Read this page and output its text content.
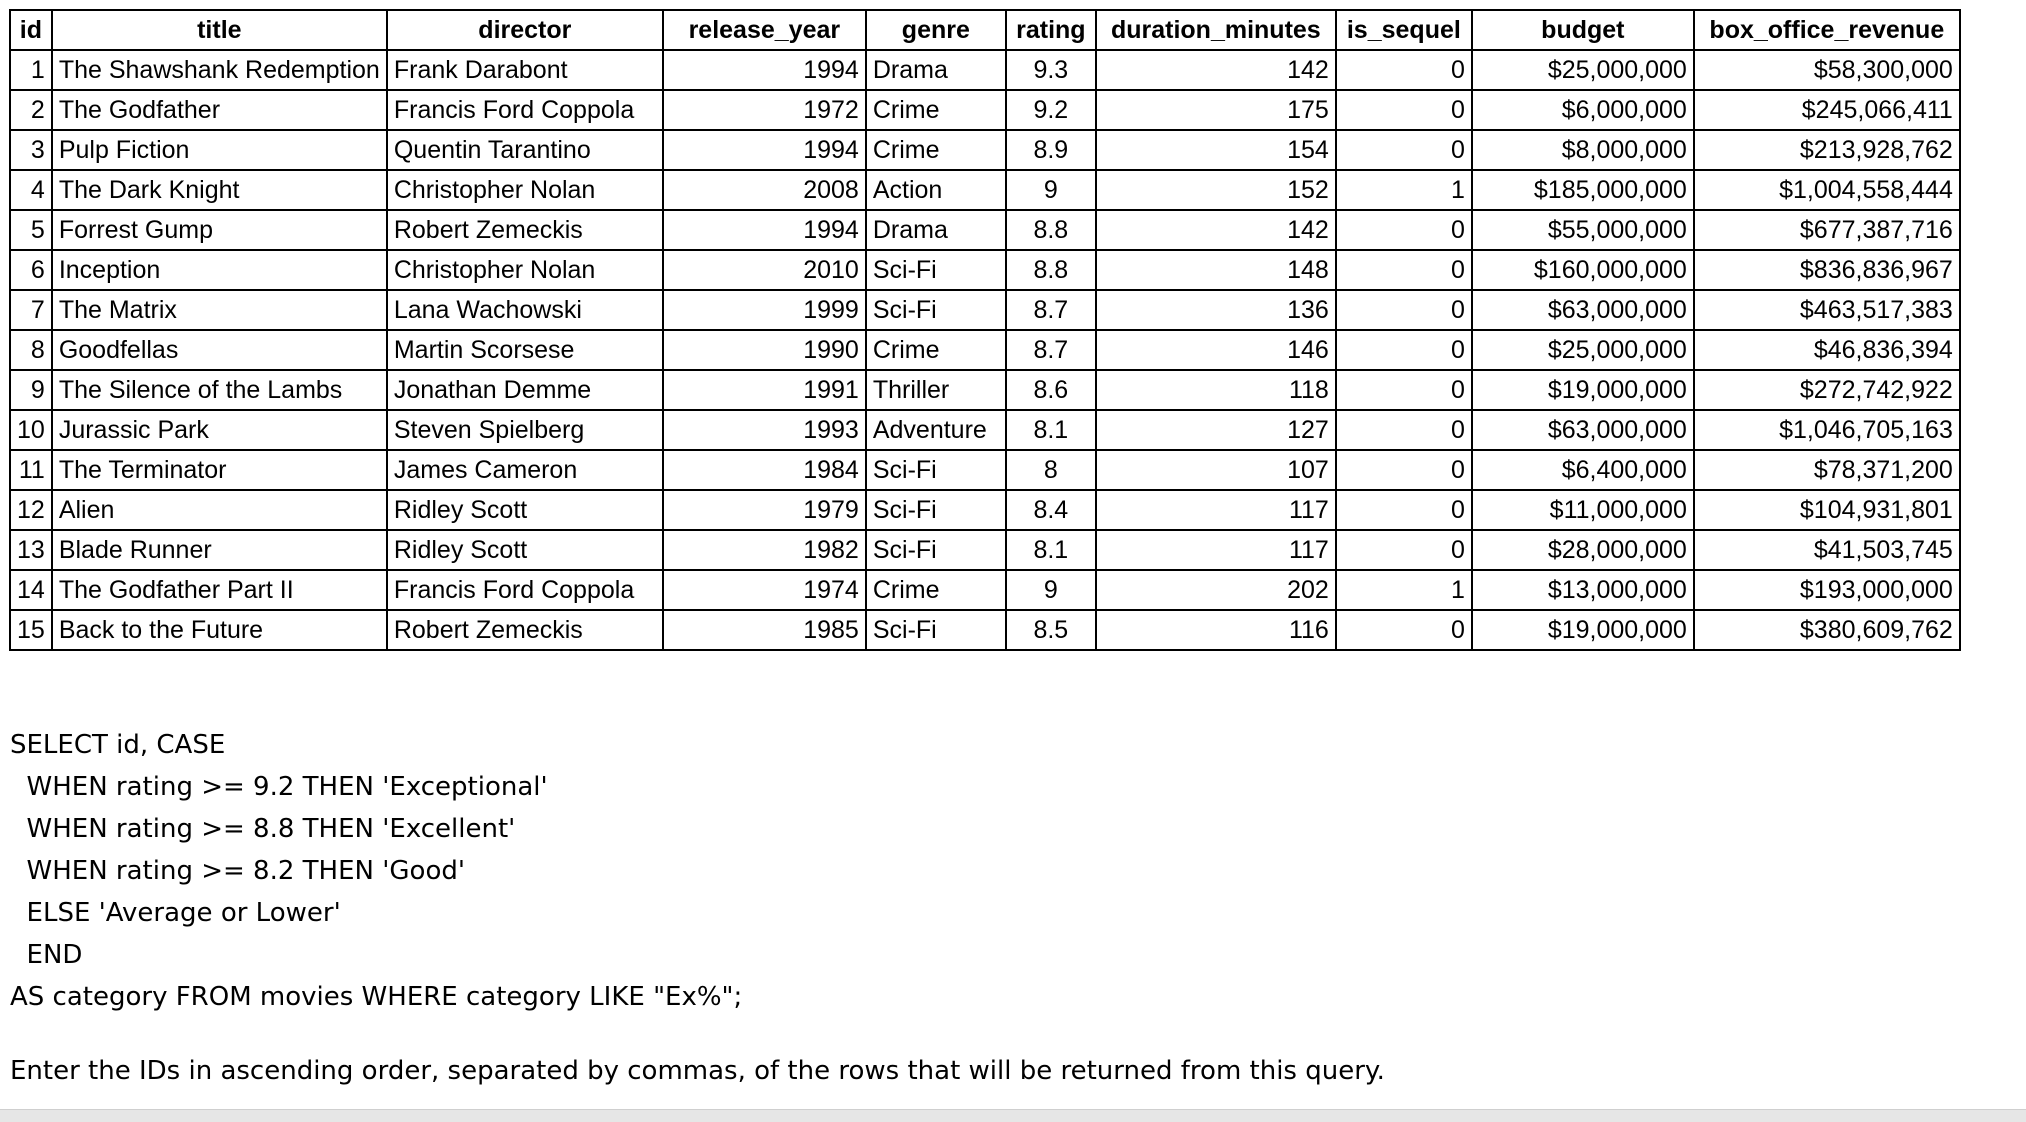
id	title	director	release_year	genre	rating	duration_minutes	is_sequel	budget	box_office_revenue
1	The Shawshank Redemption	Frank Darabont	1994	Drama	9.3	142	0	$25,000,000	$58,300,000
2	The Godfather	Francis Ford Coppola	1972	Crime	9.2	175	0	$6,000,000	$245,066,411
3	Pulp Fiction	Quentin Tarantino	1994	Crime	8.9	154	0	$8,000,000	$213,928,762
4	The Dark Knight	Christopher Nolan	2008	Action	9	152	1	$185,000,000	$1,004,558,444
5	Forrest Gump	Robert Zemeckis	1994	Drama	8.8	142	0	$55,000,000	$677,387,716
6	Inception	Christopher Nolan	2010	Sci-Fi	8.8	148	0	$160,000,000	$836,836,967
7	The Matrix	Lana Wachowski	1999	Sci-Fi	8.7	136	0	$63,000,000	$463,517,383
8	Goodfellas	Martin Scorsese	1990	Crime	8.7	146	0	$25,000,000	$46,836,394
9	The Silence of the Lambs	Jonathan Demme	1991	Thriller	8.6	118	0	$19,000,000	$272,742,922
10	Jurassic Park	Steven Spielberg	1993	Adventure	8.1	127	0	$63,000,000	$1,046,705,163
11	The Terminator	James Cameron	1984	Sci-Fi	8	107	0	$6,400,000	$78,371,200
12	Alien	Ridley Scott	1979	Sci-Fi	8.4	117	0	$11,000,000	$104,931,801
13	Blade Runner	Ridley Scott	1982	Sci-Fi	8.1	117	0	$28,000,000	$41,503,745
14	The Godfather Part II	Francis Ford Coppola	1974	Crime	9	202	1	$13,000,000	$193,000,000
15	Back to the Future	Robert Zemeckis	1985	Sci-Fi	8.5	116	0	$19,000,000	$380,609,762
SELECT id, CASE
WHEN rating >= 9.2 THEN 'Exceptional'
WHEN rating >= 8.8 THEN 'Excellent'
WHEN rating >= 8.2 THEN 'Good'
ELSE 'Average or Lower'
END
AS category FROM movies WHERE category LIKE "Ex%";
Enter the IDs in ascending order, separated by commas, of the rows that will be returned from this query.
